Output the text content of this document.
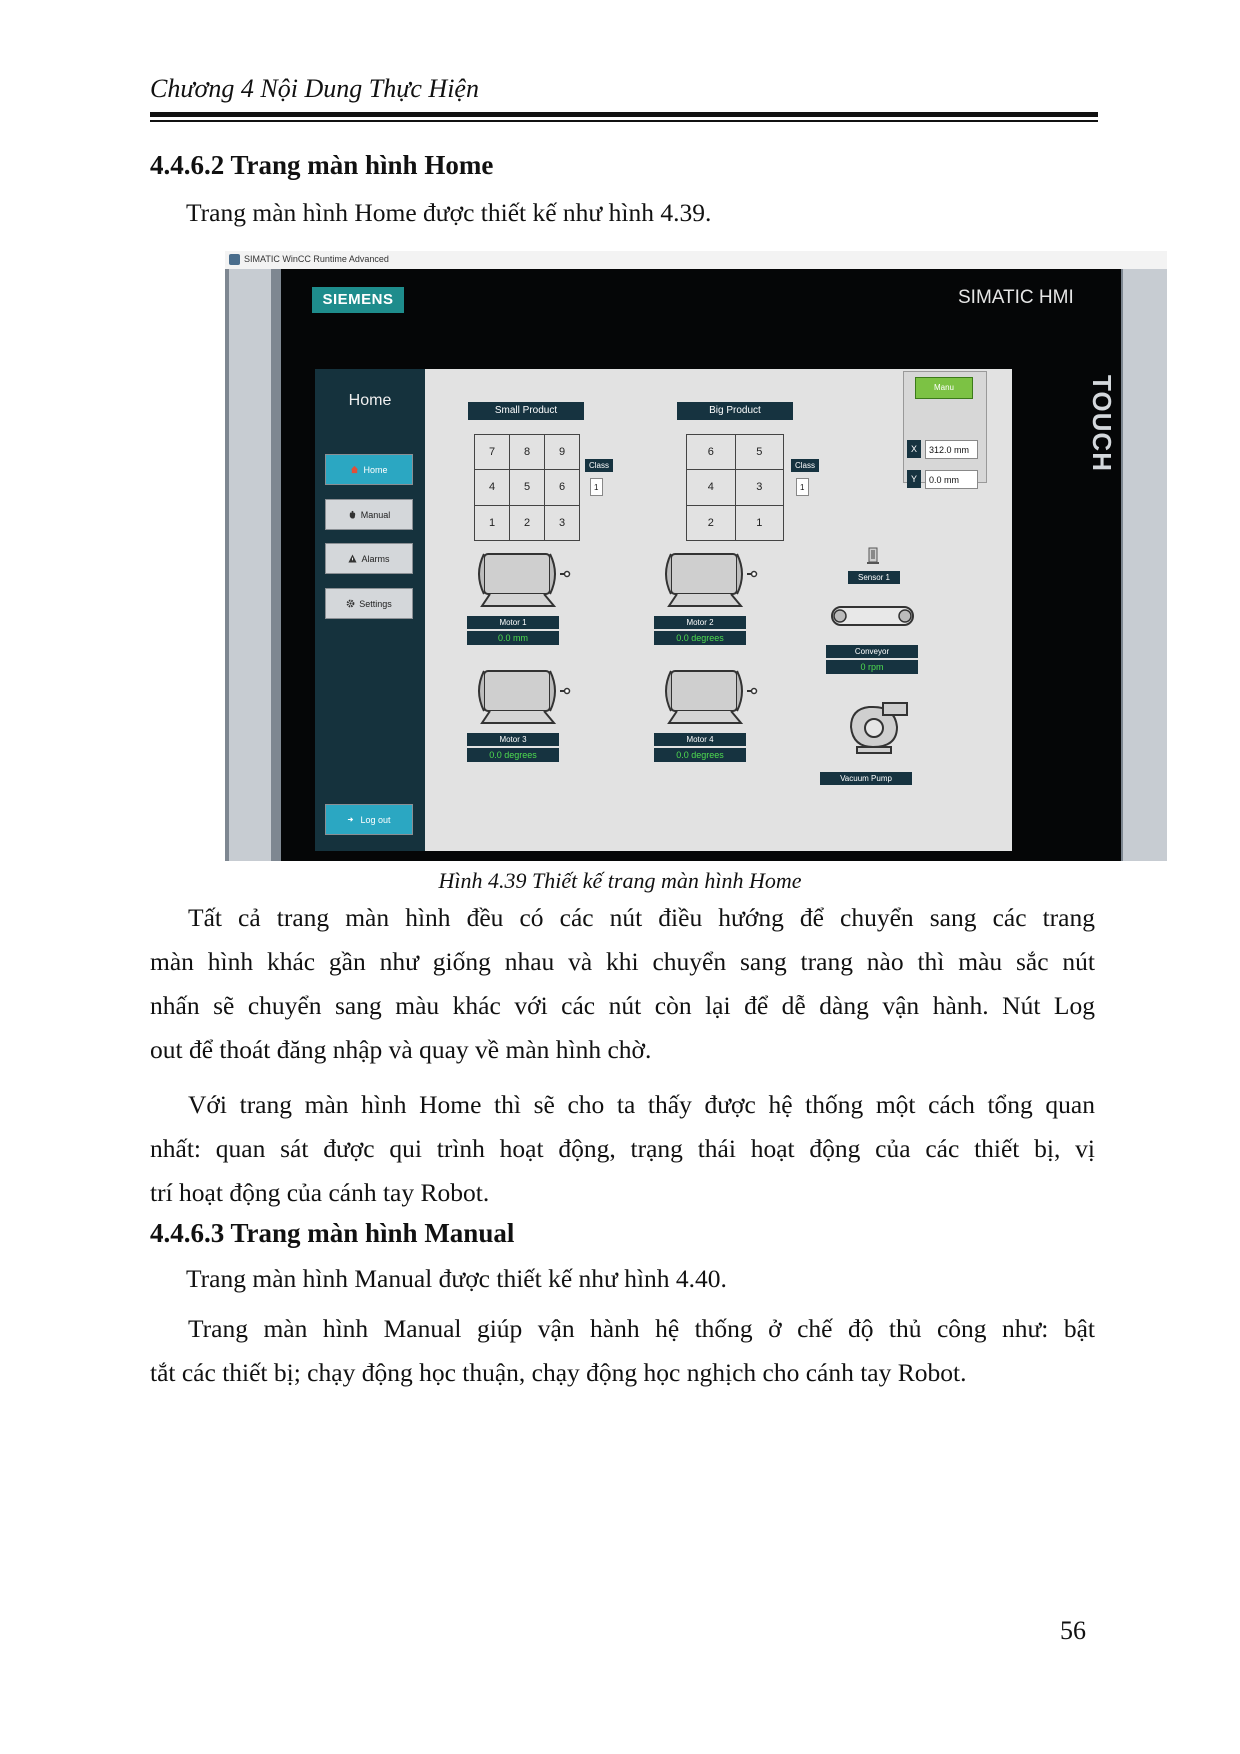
Chương 4 Nội Dung Thực Hiện
4.4.6.2 Trang màn hình Home
Trang màn hình Home được thiết kế như hình 4.39.
SIMATIC WinCC Runtime Advanced
SIEMENS	SIMATIC HMI
TOUCH
Home
Home
Manual
Alarms
Settings
Log out
Small Product
7	8	9
4	5	6
1	2	3
Class
1
Big Product
6	5
4	3
2	1
Class
1
Manu
X	312.0 mm
Y	0.0 mm
Sensor 1
Conveyor
0 rpm
Vacuum Pump
Motor 1
0.0 mm
Motor 2
0.0 degrees
Motor 3
0.0 degrees
Motor 4
0.0 degrees
Hình 4.39 Thiết kế trang màn hình Home
Tất cả trang màn hình đều có các nút điều hướng để chuyển sang các trang
màn hình khác gần như giống nhau và khi chuyển sang trang nào thì màu sắc nút
nhấn sẽ chuyển sang màu khác với các nút còn lại để dễ dàng vận hành. Nút Log
out để thoát đăng nhập và quay về màn hình chờ.
Với trang màn hình Home thì sẽ cho ta thấy được hệ thống một cách tổng quan
nhất: quan sát được qui trình hoạt động, trạng thái hoạt động của các thiết bị, vị
trí hoạt động của cánh tay Robot.
4.4.6.3 Trang màn hình Manual
Trang màn hình Manual được thiết kế như hình 4.40.
Trang màn hình Manual giúp vận hành hệ thống ở chế độ thủ công như: bật
tắt các thiết bị; chạy động học thuận, chạy động học nghịch cho cánh tay Robot.
56
